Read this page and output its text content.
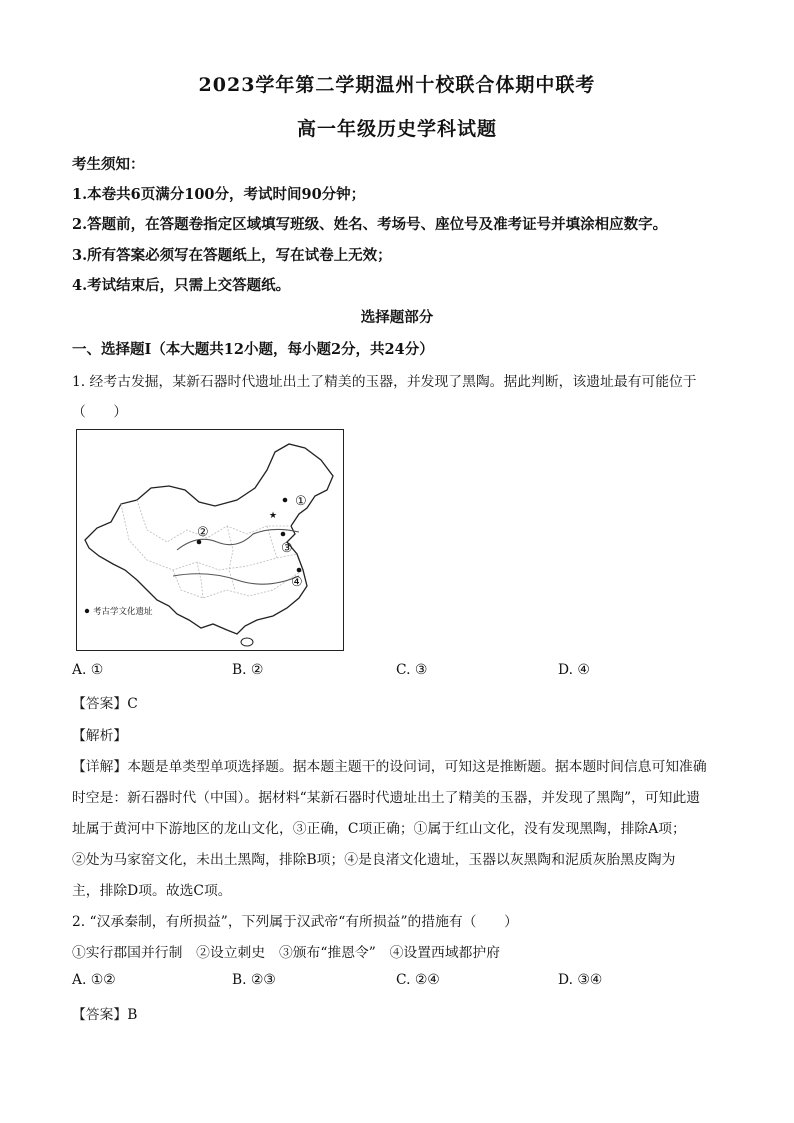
2023学年第二学期温州十校联合体期中联考
高一年级历史学科试题
考生须知：
1.本卷共6页满分100分，考试时间90分钟；
2.答题前，在答题卷指定区域填写班级、姓名、考场号、座位号及准考证号并填涂相应数字。
3.所有答案必须写在答题纸上，写在试卷上无效；
4.考试结束后，只需上交答题纸。
选择题部分
一、选择题Ⅰ（本大题共12小题，每小题2分，共24分）
1. 经考古发掘，某新石器时代遗址出土了精美的玉器，并发现了黑陶。据此判断，该遗址最有可能位于
（　　）
★
①
②
③
④
考古学文化遗址
A. ①	B. ②	C. ③	D. ④
【答案】C
【解析】
【详解】本题是单类型单项选择题。据本题主题干的设问词，可知这是推断题。据本题时间信息可知准确
时空是：新石器时代（中国）。据材料“某新石器时代遗址出土了精美的玉器，并发现了黑陶”，可知此遗
址属于黄河中下游地区的龙山文化，③正确，C项正确；①属于红山文化，没有发现黑陶，排除A项；
②处为马家窑文化，未出土黑陶，排除B项；④是良渚文化遗址，玉器以灰黑陶和泥质灰胎黑皮陶为
主，排除D项。故选C项。
2. “汉承秦制，有所损益”，下列属于汉武帝“有所损益”的措施有（　　）
①实行郡国并行制　②设立刺史　③颁布“推恩令”　④设置西域都护府
A. ①②	B. ②③	C. ②④	D. ③④
【答案】B
